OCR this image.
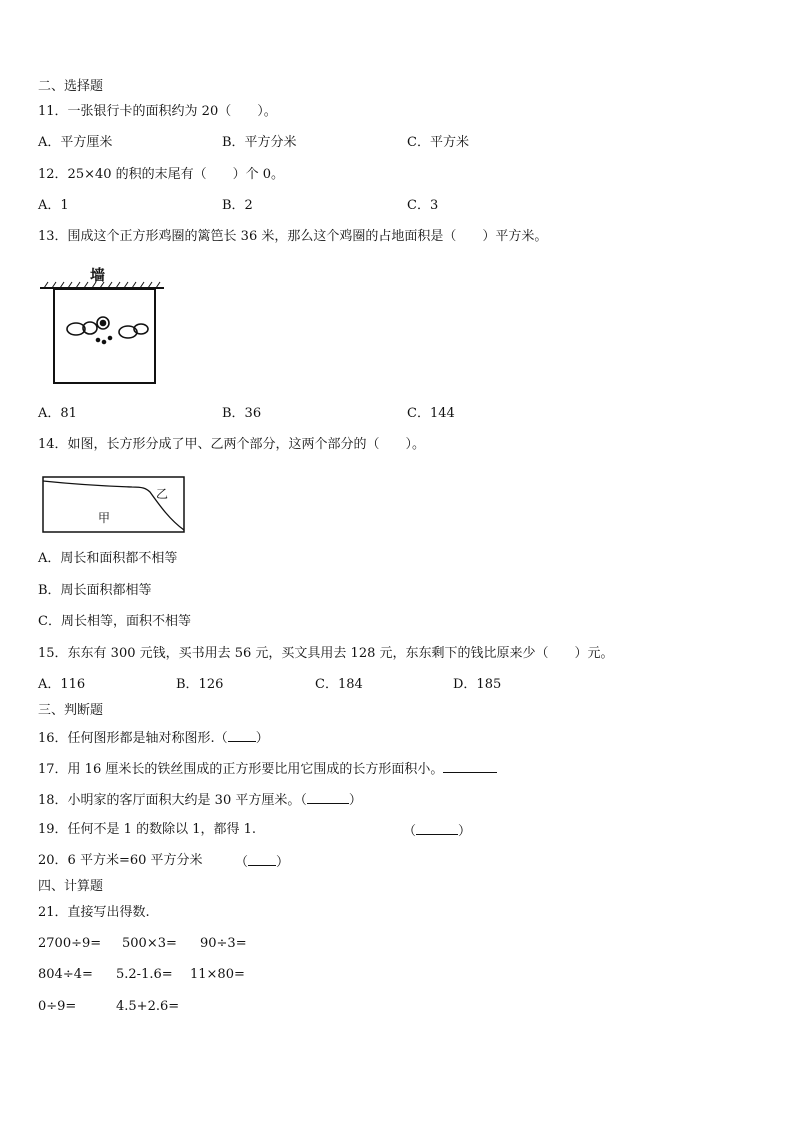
二、选择题
11．一张银行卡的面积约为 20（　　）。
A．平方厘米	B．平方分米	C．平方米
12．25×40 的积的末尾有（　　）个 0。
A．1	B．2	C．3
13．围成这个正方形鸡圈的篱笆长 36 米，那么这个鸡圈的占地面积是（　　）平方米。
墙
A．81	B．36	C．144
14．如图，长方形分成了甲、乙两个部分，这两个部分的（　　）。
乙
甲
A．周长和面积都不相等
B．周长面积都相等
C．周长相等，面积不相等
15．东东有 300 元钱，买书用去 56 元，买文具用去 128 元，东东剩下的钱比原来少（　　）元。
A．116	B．126	C．184	D．185
三、判断题
16．任何图形都是轴对称图形.（ ）
17．用 16 厘米长的铁丝围成的正方形要比用它围成的长方形面积小。
18．小明家的客厅面积大约是 30 平方厘米。（	）
19．任何不是 1 的数除以 1，都得 1.	（	）
20．6 平方米=60 平方分米 （ ）
四、计算题
21．直接写出得数.
2700÷9= 500×3= 90÷3=
804÷4= 5.2-1.6= 11×80=
0÷9=	4.5+2.6=
